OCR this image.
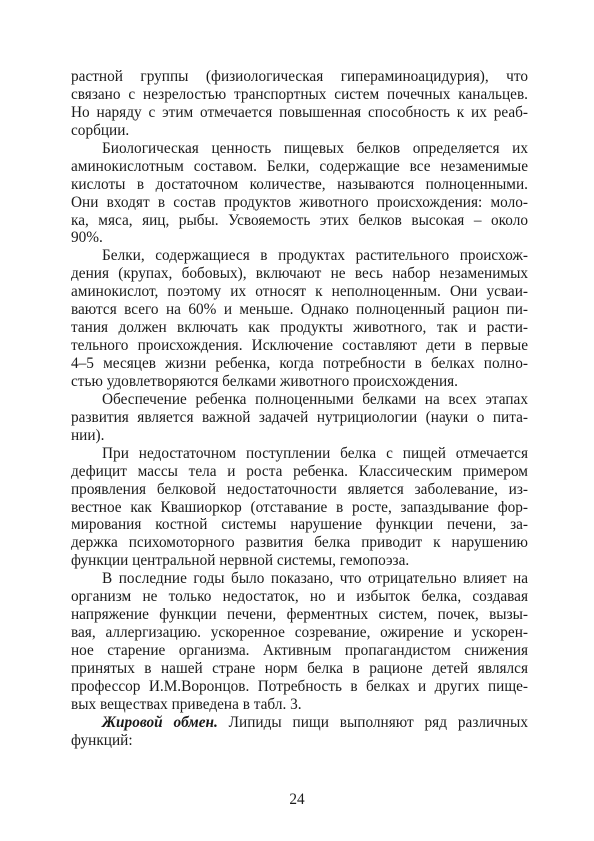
растной группы (физиологическая гипераминоацидурия), что
связано с незрелостью транспортных систем почечных канальцев.
Но наряду с этим отмечается повышенная способность к их реаб-
сорбции.
Биологическая ценность пищевых белков определяется их
аминокислотным составом. Белки, содержащие все незаменимые
кислоты в достаточном количестве, называются полноценными.
Они входят в состав продуктов животного происхождения: моло-
ка, мяса, яиц, рыбы. Усвояемость этих белков высокая – около
90%.
Белки, содержащиеся в продуктах растительного происхож-
дения (крупах, бобовых), включают не весь набор незаменимых
аминокислот, поэтому их относят к неполноценным. Они усваи-
ваются всего на 60% и меньше. Однако полноценный рацион пи-
тания должен включать как продукты животного, так и расти-
тельного происхождения. Исключение составляют дети в первые
4–5 месяцев жизни ребенка, когда потребности в белках полно-
стью удовлетворяются белками животного происхождения.
Обеспечение ребенка полноценными белками на всех этапах
развития является важной задачей нутрициологии (науки о пита-
нии).
При недостаточном поступлении белка с пищей отмечается
дефицит массы тела и роста ребенка. Классическим примером
проявления белковой недостаточности является заболевание, из-
вестное как Квашиоркор (отставание в росте, запаздывание фор-
мирования костной системы нарушение функции печени, за-
держка психомоторного развития белка приводит к нарушению
функции центральной нервной системы, гемопоэза.
В последние годы было показано, что отрицательно влияет на
организм не только недостаток, но и избыток белка, создавая
напряжение функции печени, ферментных систем, почек, вызы-
вая, аллергизацию. ускоренное созревание, ожирение и ускорен-
ное старение организма. Активным пропагандистом снижения
принятых в нашей стране норм белка в рационе детей являлся
профессор И.М.Воронцов. Потребность в белках и других пище-
вых веществах приведена в табл. 3.
Жировой обмен. Липиды пищи выполняют ряд различных
функций:
24
